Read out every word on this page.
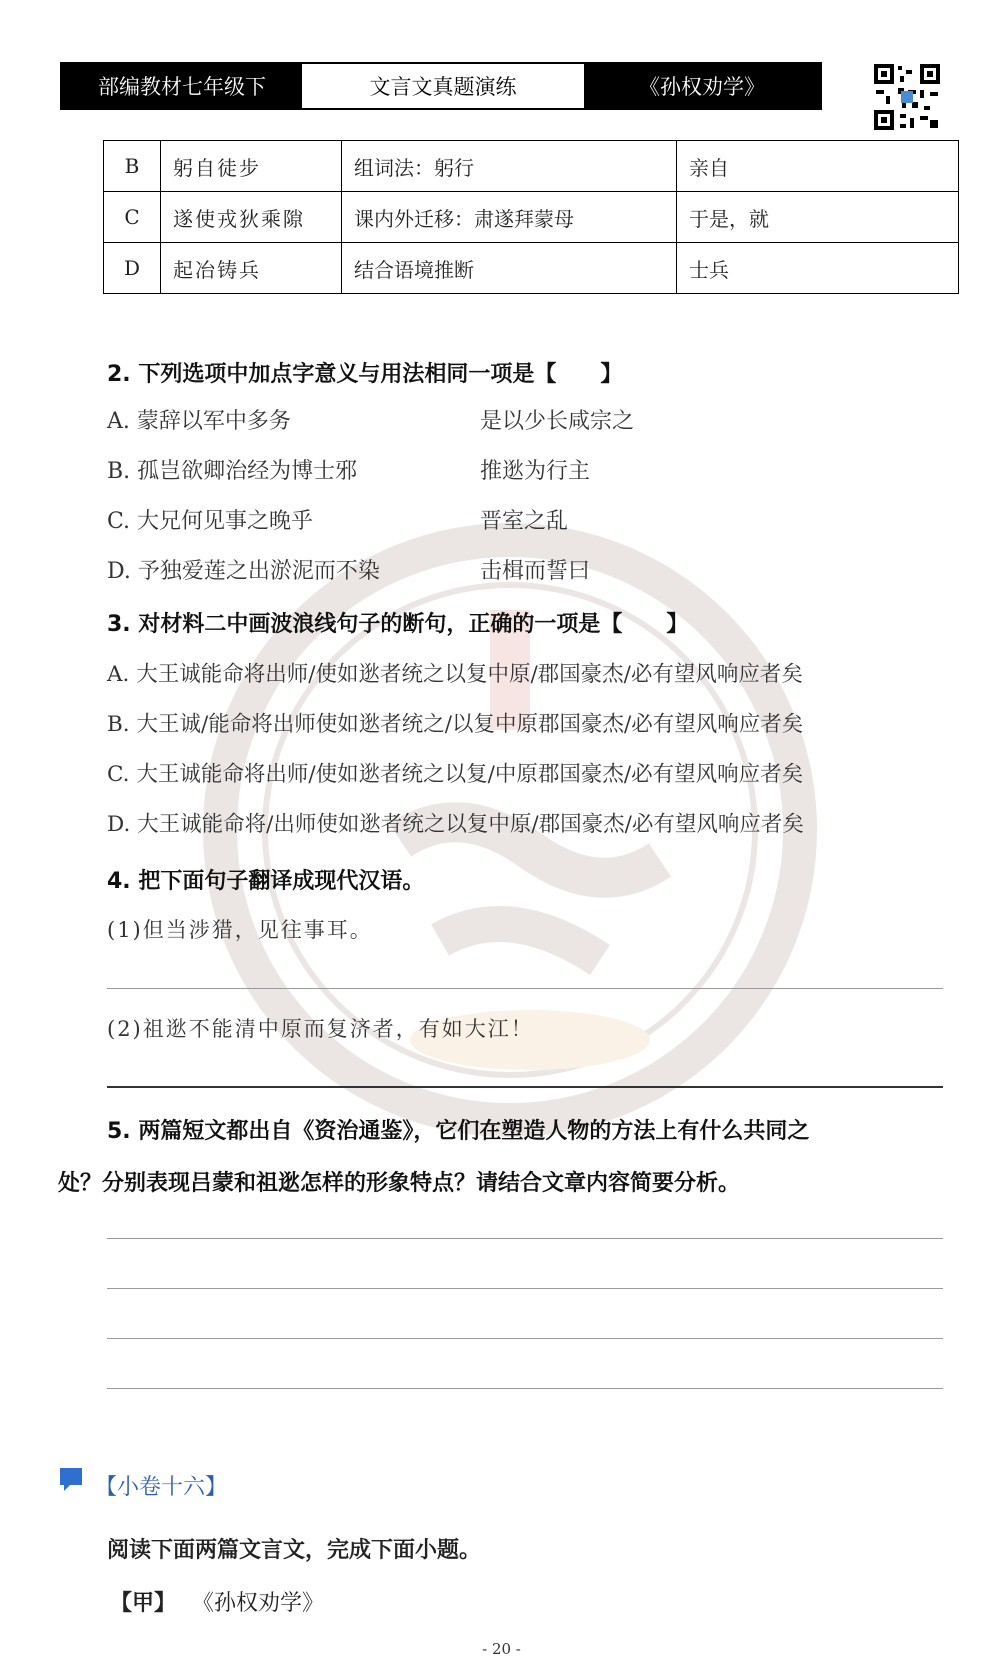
部编教材七年级下	文言文真题演练	《孙权劝学》
B	躬自徒步	组词法：躬行	亲自
C	遂使戎狄乘隙	课内外迁移：肃遂拜蒙母	于是，就
D	起冶铸兵	结合语境推断	士兵
2. 下列选项中加点字意义与用法相同一项是【　　】
A. 蒙辞以军中多务	是以少长咸宗之
B. 孤岂欲卿治经为博士邪	推逖为行主
C. 大兄何见事之晚乎	晋室之乱
D. 予独爱莲之出淤泥而不染	击楫而誓曰
3. 对材料二中画波浪线句子的断句，正确的一项是【　　】
A. 大王诚能命将出师/使如逖者统之以复中原/郡国豪杰/必有望风响应者矣
B. 大王诚/能命将出师使如逖者统之/以复中原郡国豪杰/必有望风响应者矣
C. 大王诚能命将出师/使如逖者统之以复/中原郡国豪杰/必有望风响应者矣
D. 大王诚能命将/出师使如逖者统之以复中原/郡国豪杰/必有望风响应者矣
4. 把下面句子翻译成现代汉语。
(1)但当涉猎，见往事耳。
(2)祖逖不能清中原而复济者，有如大江！
5. 两篇短文都出自《资治通鉴》，它们在塑造人物的方法上有什么共同之
处？分别表现吕蒙和祖逖怎样的形象特点？请结合文章内容简要分析。
【小卷十六】
阅读下面两篇文言文，完成下面小题。
【甲】 《孙权劝学》
- 20 -
